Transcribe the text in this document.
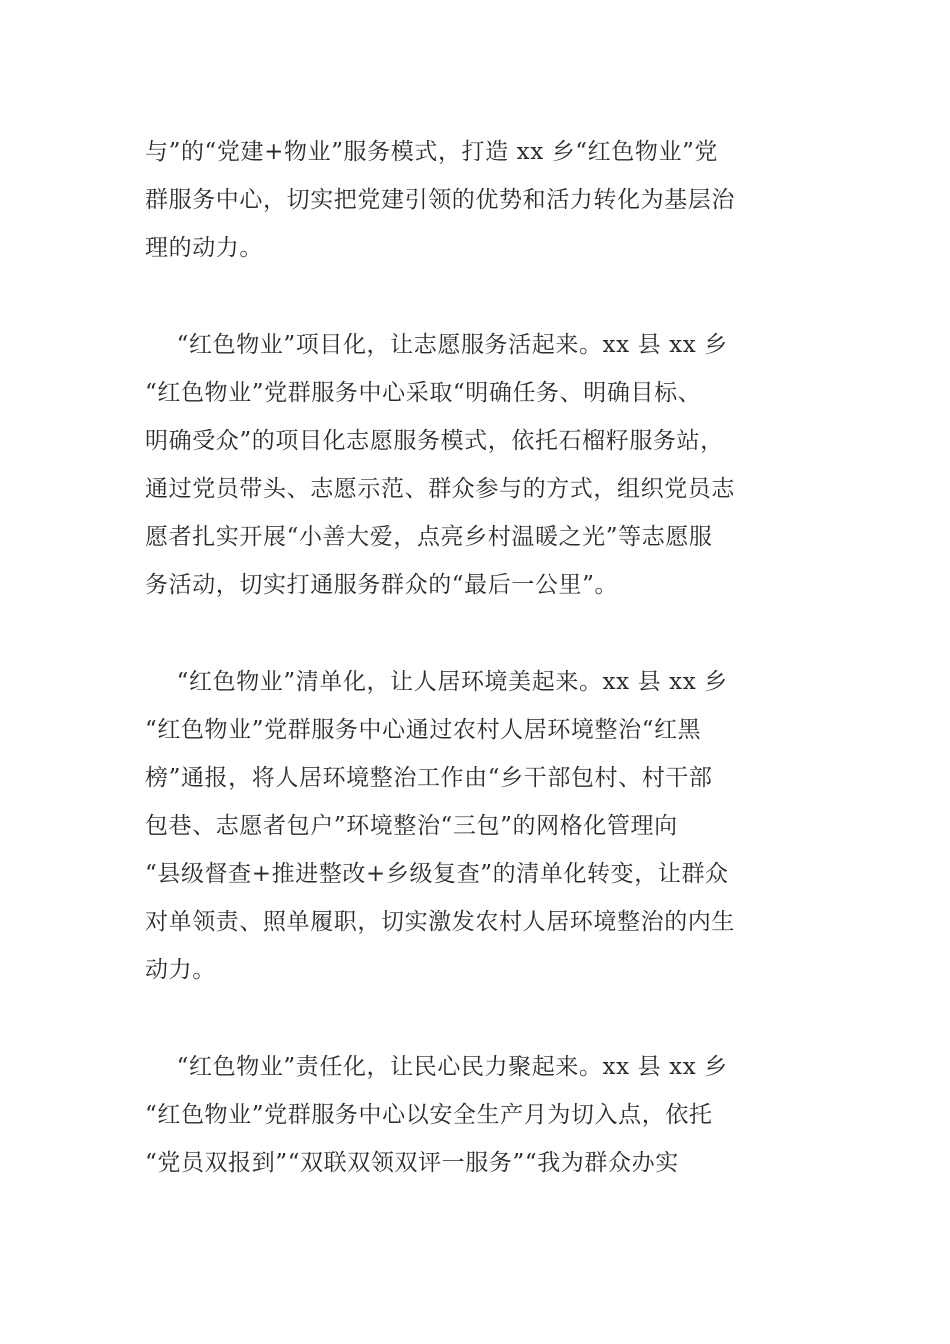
与”的“党建+物业”服务模式，打造 xx 乡“红色物业”党
群服务中心，切实把党建引领的优势和活力转化为基层治
理的动力。

“红色物业”项目化，让志愿服务活起来。xx 县 xx 乡
“红色物业”党群服务中心采取“明确任务、明确目标、
明确受众”的项目化志愿服务模式，依托石榴籽服务站，
通过党员带头、志愿示范、群众参与的方式，组织党员志
愿者扎实开展“小善大爱，点亮乡村温暖之光”等志愿服
务活动，切实打通服务群众的“最后一公里”。

“红色物业”清单化，让人居环境美起来。xx 县 xx 乡
“红色物业”党群服务中心通过农村人居环境整治“红黑
榜”通报，将人居环境整治工作由“乡干部包村、村干部
包巷、志愿者包户”环境整治“三包”的网格化管理向
“县级督查+推进整改+乡级复查”的清单化转变，让群众
对单领责、照单履职，切实激发农村人居环境整治的内生
动力。

“红色物业”责任化，让民心民力聚起来。xx 县 xx 乡
“红色物业”党群服务中心以安全生产月为切入点，依托
“党员双报到”“双联双领双评一服务”“我为群众办实
